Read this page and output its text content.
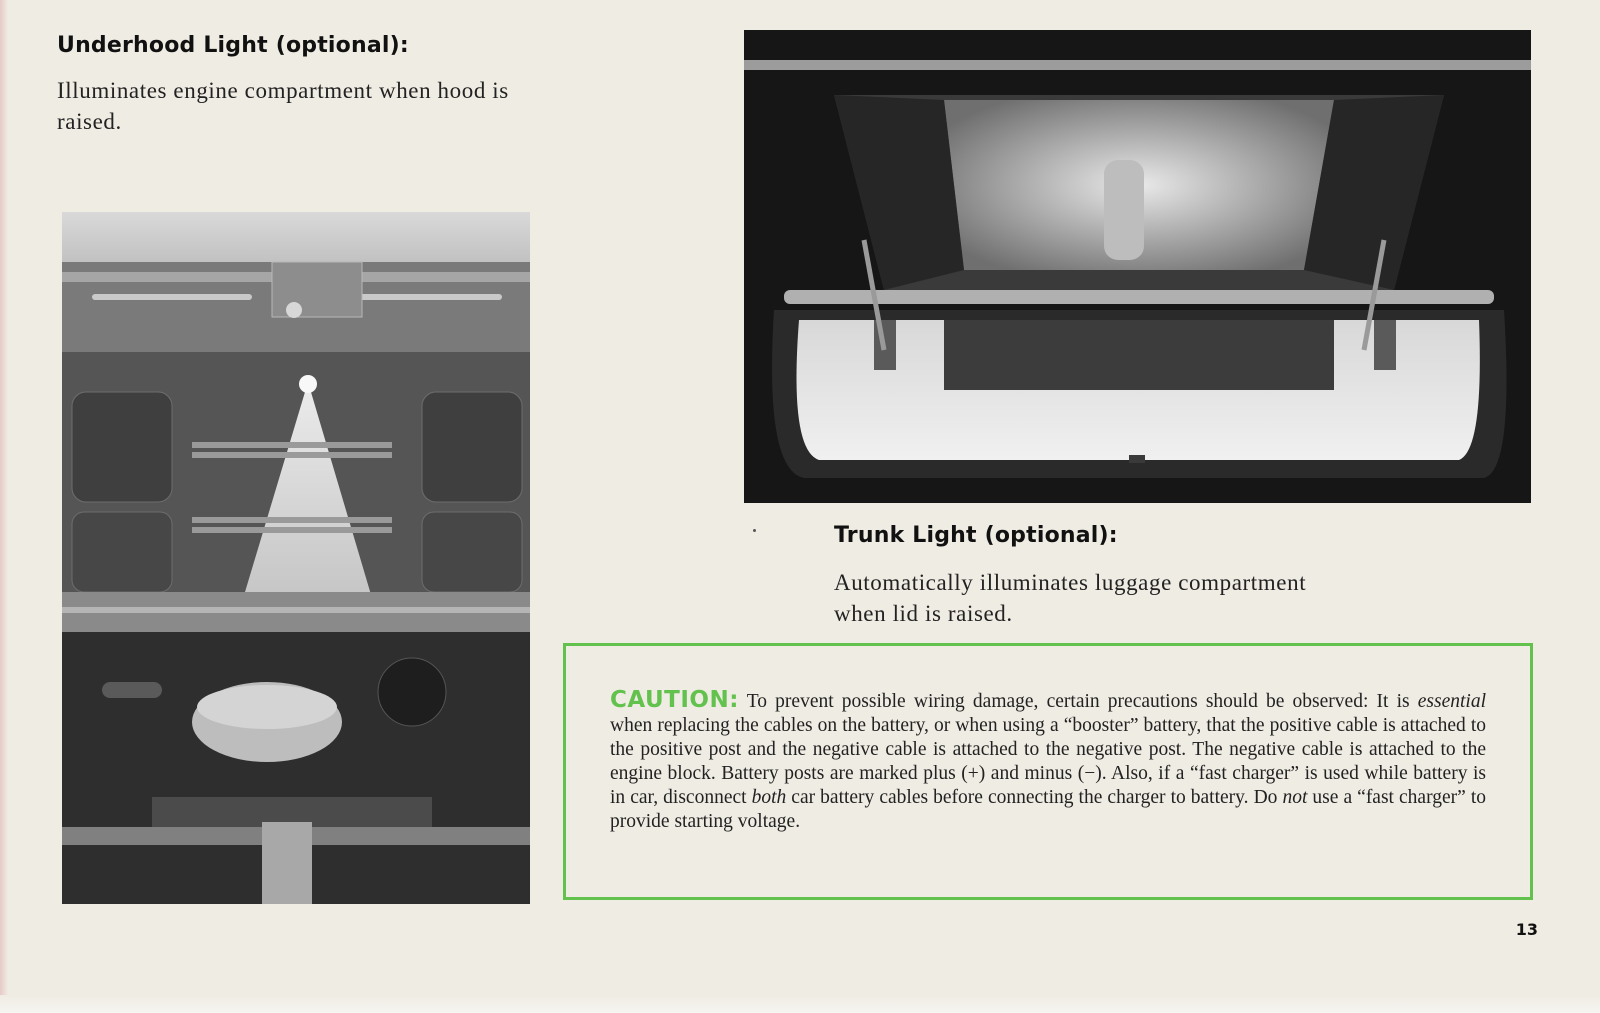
Underhood Light (optional):

Illuminates engine compartment when hood is raised.

Trunk Light (optional):

Automatically illuminates luggage compartment when lid is raised.

CAUTION: To prevent possible wiring damage, certain precautions should be observed: It is essential when replacing the cables on the battery, or when using a “booster” battery, that the positive cable is attached to the positive post and the negative cable is attached to the negative post. The negative cable is attached to the engine block. Battery posts are marked plus (+) and minus (−). Also, if a “fast charger” is used while battery is in car, disconnect both car battery cables before connecting the charger to battery. Do not use a “fast charger” to provide starting voltage.

13
